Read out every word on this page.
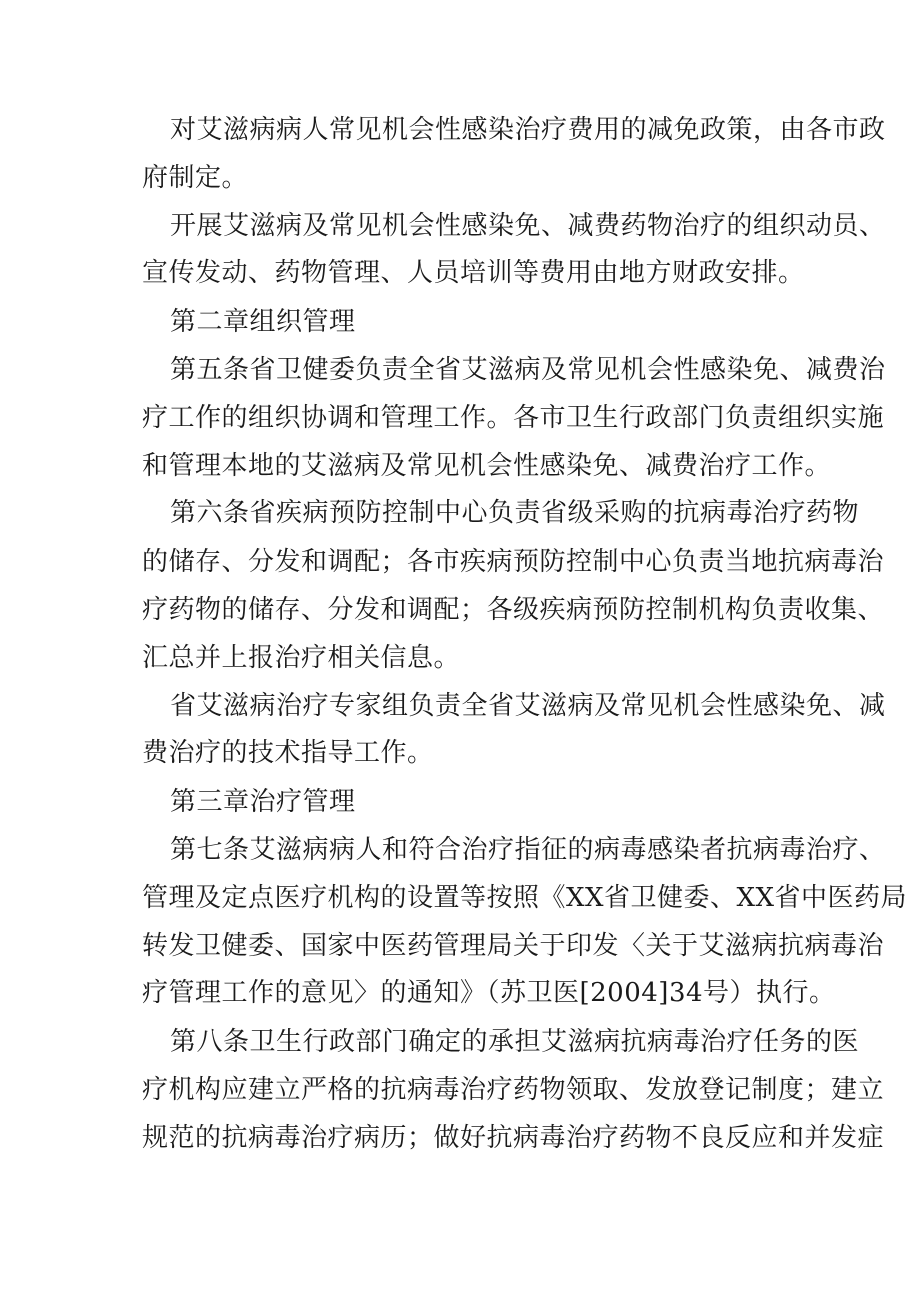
对艾滋病病人常见机会性感染治疗费用的减免政策，由各市政
府制定。
开展艾滋病及常见机会性感染免、减费药物治疗的组织动员、
宣传发动、药物管理、人员培训等费用由地方财政安排。
第二章组织管理
第五条省卫健委负责全省艾滋病及常见机会性感染免、减费治
疗工作的组织协调和管理工作。各市卫生行政部门负责组织实施
和管理本地的艾滋病及常见机会性感染免、减费治疗工作。
第六条省疾病预防控制中心负责省级采购的抗病毒治疗药物
的储存、分发和调配；各市疾病预防控制中心负责当地抗病毒治
疗药物的储存、分发和调配；各级疾病预防控制机构负责收集、
汇总并上报治疗相关信息。
省艾滋病治疗专家组负责全省艾滋病及常见机会性感染免、减
费治疗的技术指导工作。
第三章治疗管理
第七条艾滋病病人和符合治疗指征的病毒感染者抗病毒治疗、
管理及定点医疗机构的设置等按照《XX省卫健委、XX省中医药局
转发卫健委、国家中医药管理局关于印发〈关于艾滋病抗病毒治
疗管理工作的意见〉的通知》（苏卫医[2004]34号）执行。
第八条卫生行政部门确定的承担艾滋病抗病毒治疗任务的医
疗机构应建立严格的抗病毒治疗药物领取、发放登记制度；建立
规范的抗病毒治疗病历；做好抗病毒治疗药物不良反应和并发症
